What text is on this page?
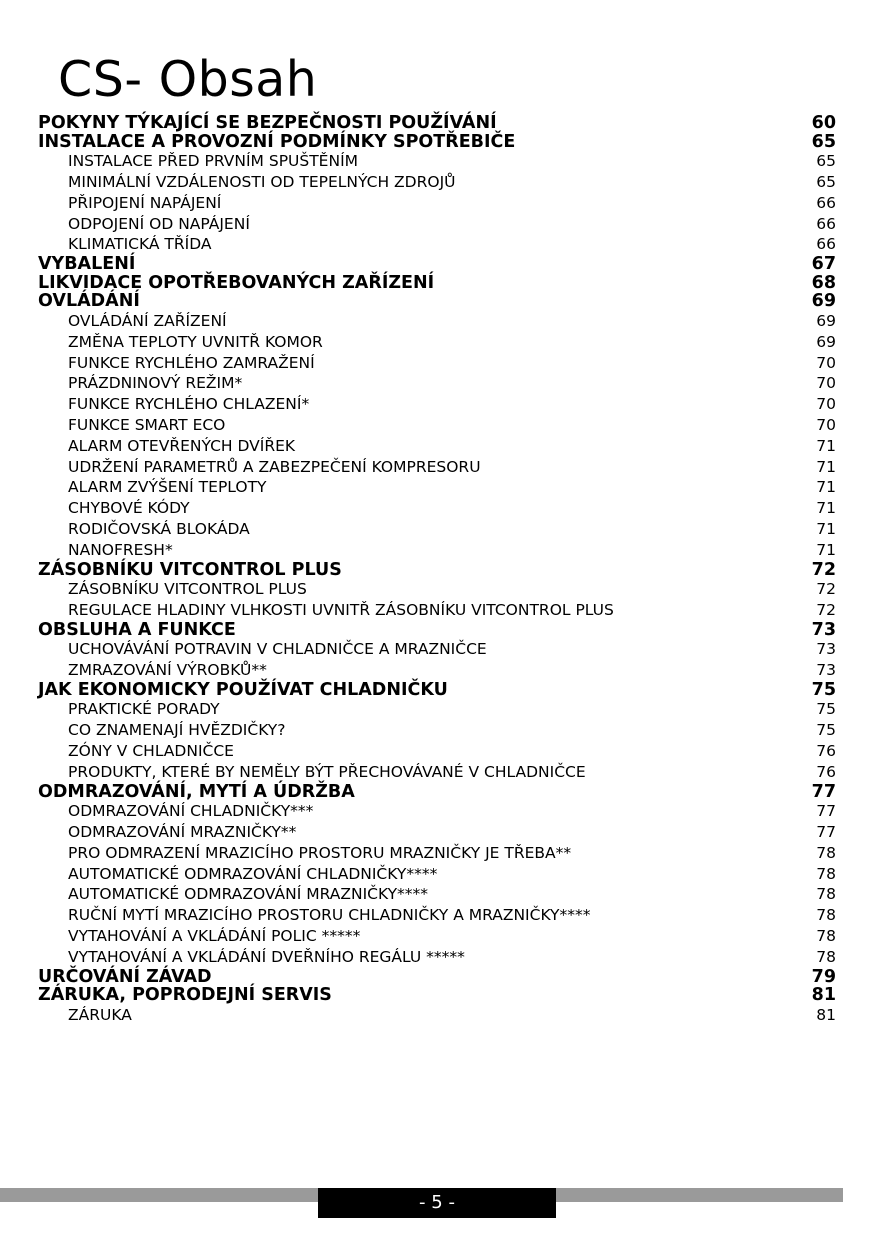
CS- Obsah
POKYNY TÝKAJÍCÍ SE BEZPEČNOSTI POUŽÍVÁNÍ	60
INSTALACE A PROVOZNÍ PODMÍNKY SPOTŘEBIČE	65
INSTALACE PŘED PRVNÍM SPUŠTĚNÍM	65
MINIMÁLNÍ VZDÁLENOSTI OD TEPELNÝCH ZDROJŮ	65
PŘIPOJENÍ NAPÁJENÍ	66
ODPOJENÍ OD NAPÁJENÍ	66
KLIMATICKÁ TŘÍDA	66
VYBALENÍ	67
LIKVIDACE OPOTŘEBOVANÝCH ZAŘÍZENÍ	68
OVLÁDÁNÍ	69
OVLÁDÁNÍ ZAŘÍZENÍ	69
ZMĚNA TEPLOTY UVNITŘ KOMOR	69
FUNKCE RYCHLÉHO ZAMRAŽENÍ	70
PRÁZDNINOVÝ REŽIM*	70
FUNKCE RYCHLÉHO CHLAZENÍ*	70
FUNKCE SMART ECO	70
ALARM OTEVŘENÝCH DVÍŘEK	71
UDRŽENÍ PARAMETRŮ A ZABEZPEČENÍ KOMPRESORU	71
ALARM ZVÝŠENÍ TEPLOTY	71
CHYBOVÉ KÓDY	71
RODIČOVSKÁ BLOKÁDA	71
NANOFRESH*	71
ZÁSOBNÍKU VITCONTROL PLUS	72
ZÁSOBNÍKU VITCONTROL PLUS	72
REGULACE HLADINY VLHKOSTI UVNITŘ ZÁSOBNÍKU VITCONTROL PLUS	72
OBSLUHA A FUNKCE	73
UCHOVÁVÁNÍ POTRAVIN V CHLADNIČCE A MRAZNIČCE	73
ZMRAZOVÁNÍ VÝROBKŮ**	73
JAK EKONOMICKY POUŽÍVAT CHLADNIČKU	75
PRAKTICKÉ PORADY	75
CO ZNAMENAJÍ HVĚZDIČKY?	75
ZÓNY V CHLADNIČCE	76
PRODUKTY, KTERÉ BY NEMĚLY BÝT PŘECHOVÁVANÉ V CHLADNIČCE	76
ODMRAZOVÁNÍ, MYTÍ A ÚDRŽBA	77
ODMRAZOVÁNÍ CHLADNIČKY***	77
ODMRAZOVÁNÍ MRAZNIČKY**	77
PRO ODMRAZENÍ MRAZICÍHO PROSTORU MRAZNIČKY JE TŘEBA**	78
AUTOMATICKÉ ODMRAZOVÁNÍ CHLADNIČKY****	78
AUTOMATICKÉ ODMRAZOVÁNÍ MRAZNIČKY****	78
RUČNÍ MYTÍ MRAZICÍHO PROSTORU CHLADNIČKY A MRAZNIČKY****	78
VYTAHOVÁNÍ A VKLÁDÁNÍ POLIC *****	78
VYTAHOVÁNÍ A VKLÁDÁNÍ DVEŘNÍHO REGÁLU *****	78
URČOVÁNÍ ZÁVAD	79
ZÁRUKA, POPRODEJNÍ SERVIS	81
ZÁRUKA	81
- 5 -
